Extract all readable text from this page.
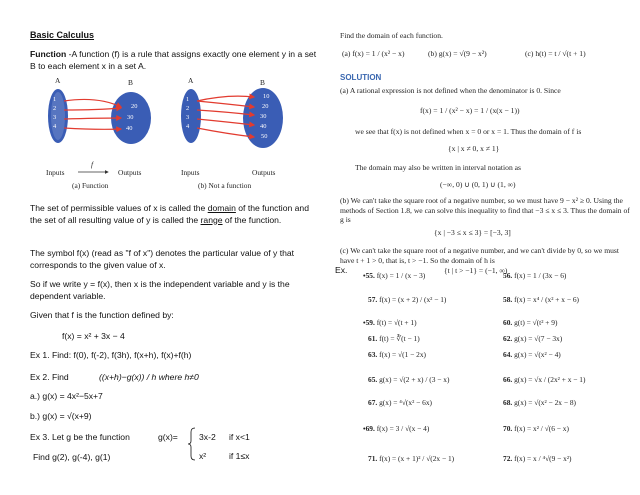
Basic Calculus
Function -A function (f) is a rule that assigns exactly one element y in a set B to each element x in a set A.
A	B	A	B
1
2
3
4
20
30
40
1
2
3
4
10
20
30
40
50
f
Inputs	Outputs	Inputs	Outputs
(a) Function	(b) Not a function
The set of permissible values of x is called the domain of the function and the set of all resulting value of y is called the range of the function.
The symbol f(x) (read as "f of x") denotes the particular value of y that corresponds to the given value of x.
So if we write y = f(x), then x is the independent variable and y is the dependent variable.
Given that f is the function defined by:
f(x) = x² + 3x − 4
Ex 1. Find: f(0), f(-2), f(3h), f(x+h), f(x)+f(h)
Ex 2. Find	((x+h)−g(x)) / h where h≠0
a.) g(x) = 4x²−5x+7
b.) g(x) = √(x+9)
Ex 3. Let g be the function	g(x)= 3x-2 if x<1
x²	if 1≤x
Find g(2), g(-4), g(1)
Ex.
Find the domain of each function.
(a) f(x) = 1 / (x² − x)	(b) g(x) = √(9 − x²)	(c) h(t) = t / √(t + 1)
SOLUTION
(a) A rational expression is not defined when the denominator is 0. Since
f(x) = 1 / (x² − x) = 1 / (x(x − 1))
we see that f(x) is not defined when x = 0 or x = 1. Thus the domain of f is
{x | x ≠ 0, x ≠ 1}
The domain may also be written in interval notation as
(−∞, 0) ∪ (0, 1) ∪ (1, ∞)
(b) We can't take the square root of a negative number, so we must have 9 − x² ≥ 0. Using the methods of Section 1.8, we can solve this inequality to find that −3 ≤ x ≤ 3. Thus the domain of g is
{x | −3 ≤ x ≤ 3} = [−3, 3]
(c) We can't take the square root of a negative number, and we can't divide by 0, so we must have t + 1 > 0, that is, t > −1. So the domain of h is
{t | t > −1} = (−1, ∞)
•55. f(x) = 1 / (x − 3)	56. f(x) = 1 / (3x − 6)
57. f(x) = (x + 2) / (x² − 1)	58. f(x) = x⁴ / (x² + x − 6)
•59. f(t) = √(t + 1)	60. g(t) = √(t² + 9)
61. f(t) = ∛(t − 1)	62. g(x) = √(7 − 3x)
63. f(x) = √(1 − 2x)	64. g(x) = √(x² − 4)
65. g(x) = √(2 + x) / (3 − x)	66. g(x) = √x / (2x² + x − 1)
67. g(x) = ⁴√(x² − 6x)	68. g(x) = √(x² − 2x − 8)
•69. f(x) = 3 / √(x − 4)	70. f(x) = x² / √(6 − x)
71. f(x) = (x + 1)² / √(2x − 1)	72. f(x) = x / ⁴√(9 − x²)
